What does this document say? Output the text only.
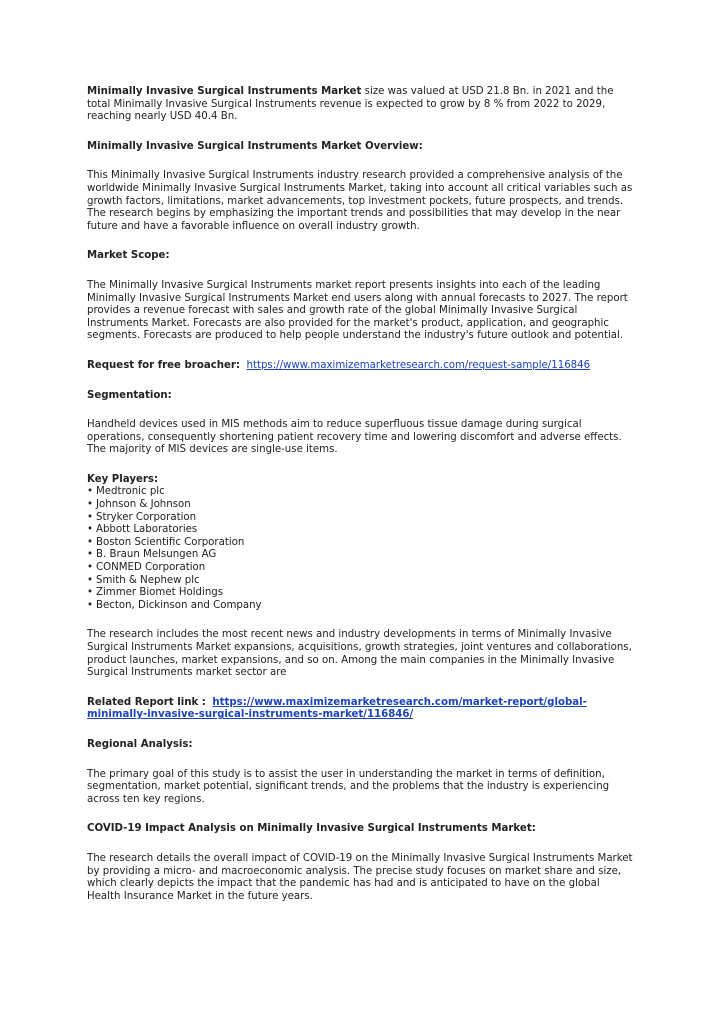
Minimally Invasive Surgical Instruments Market size was valued at USD 21.8 Bn. in 2021 and the total Minimally Invasive Surgical Instruments revenue is expected to grow by 8 % from 2022 to 2029, reaching nearly USD 40.4 Bn.

Minimally Invasive Surgical Instruments Market Overview:

This Minimally Invasive Surgical Instruments industry research provided a comprehensive analysis of the worldwide Minimally Invasive Surgical Instruments Market, taking into account all critical variables such as growth factors, limitations, market advancements, top investment pockets, future prospects, and trends. The research begins by emphasizing the important trends and possibilities that may develop in the near future and have a favorable influence on overall industry growth.

Market Scope:

The Minimally Invasive Surgical Instruments market report presents insights into each of the leading Minimally Invasive Surgical Instruments Market end users along with annual forecasts to 2027. The report provides a revenue forecast with sales and growth rate of the global Minimally Invasive Surgical Instruments Market. Forecasts are also provided for the market's product, application, and geographic segments. Forecasts are produced to help people understand the industry's future outlook and potential.

Request for free broacher: https://www.maximizemarketresearch.com/request-sample/116846

Segmentation:

Handheld devices used in MIS methods aim to reduce superfluous tissue damage during surgical operations, consequently shortening patient recovery time and lowering discomfort and adverse effects. The majority of MIS devices are single-use items.

Key Players:

• Medtronic plc
• Johnson & Johnson
• Stryker Corporation
• Abbott Laboratories
• Boston Scientific Corporation
• B. Braun Melsungen AG
• CONMED Corporation
• Smith & Nephew plc
• Zimmer Biomet Holdings
• Becton, Dickinson and Company

The research includes the most recent news and industry developments in terms of Minimally Invasive Surgical Instruments Market expansions, acquisitions, growth strategies, joint ventures and collaborations, product launches, market expansions, and so on. Among the main companies in the Minimally Invasive Surgical Instruments market sector are

Related Report link : https://www.maximizemarketresearch.com/market-report/global-minimally-invasive-surgical-instruments-market/116846/

Regional Analysis:

The primary goal of this study is to assist the user in understanding the market in terms of definition, segmentation, market potential, significant trends, and the problems that the industry is experiencing across ten key regions.

COVID-19 Impact Analysis on Minimally Invasive Surgical Instruments Market:

The research details the overall impact of COVID-19 on the Minimally Invasive Surgical Instruments Market by providing a micro- and macroeconomic analysis. The precise study focuses on market share and size, which clearly depicts the impact that the pandemic has had and is anticipated to have on the global Health Insurance Market in the future years.
